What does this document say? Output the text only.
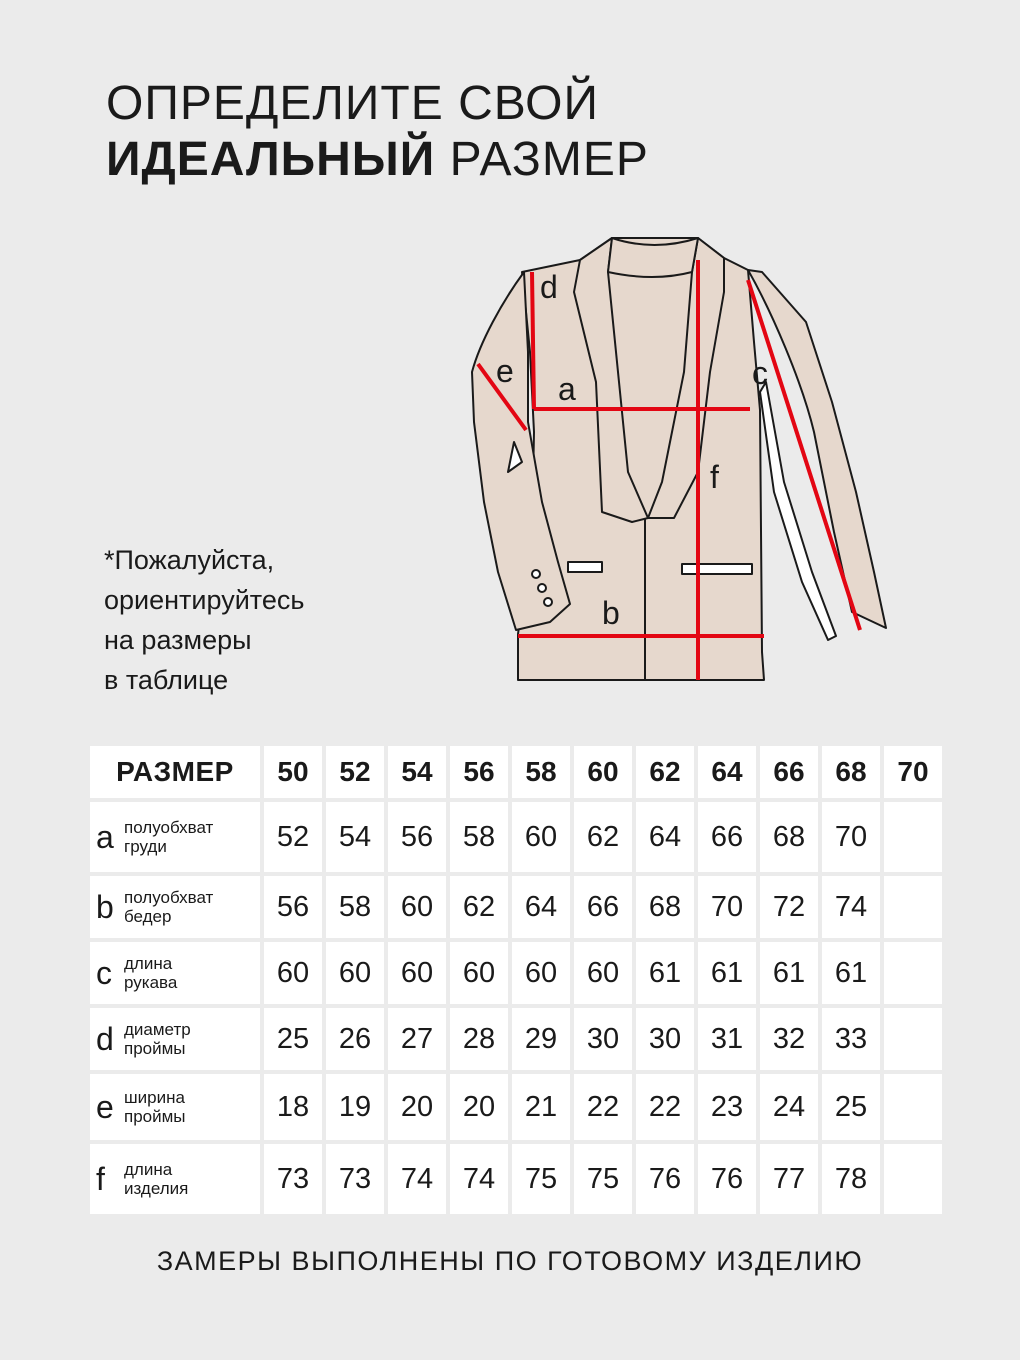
ОПРЕДЕЛИТЕ СВОЙ
ИДЕАЛЬНЫЙ РАЗМЕР
*Пожалуйста,
ориентируйтесь
на размеры
в таблице
a
b
c
d
e
f
РАЗМЕР	50	52	54	56	58	60	62	64	66	68	70

a полуобхват
груди	52	54	56	58	60	62	64	66	68	70	

b полуобхват
бедер	56	58	60	62	64	66	68	70	72	74	

c длина
рукава	60	60	60	60	60	60	61	61	61	61	

d диаметр
проймы	25	26	27	28	29	30	30	31	32	33	

e ширина
проймы	18	19	20	20	21	22	22	23	24	25	

f длина
изделия	73	73	74	74	75	75	76	76	77	78	
ЗАМЕРЫ ВЫПОЛНЕНЫ ПО ГОТОВОМУ ИЗДЕЛИЮ
